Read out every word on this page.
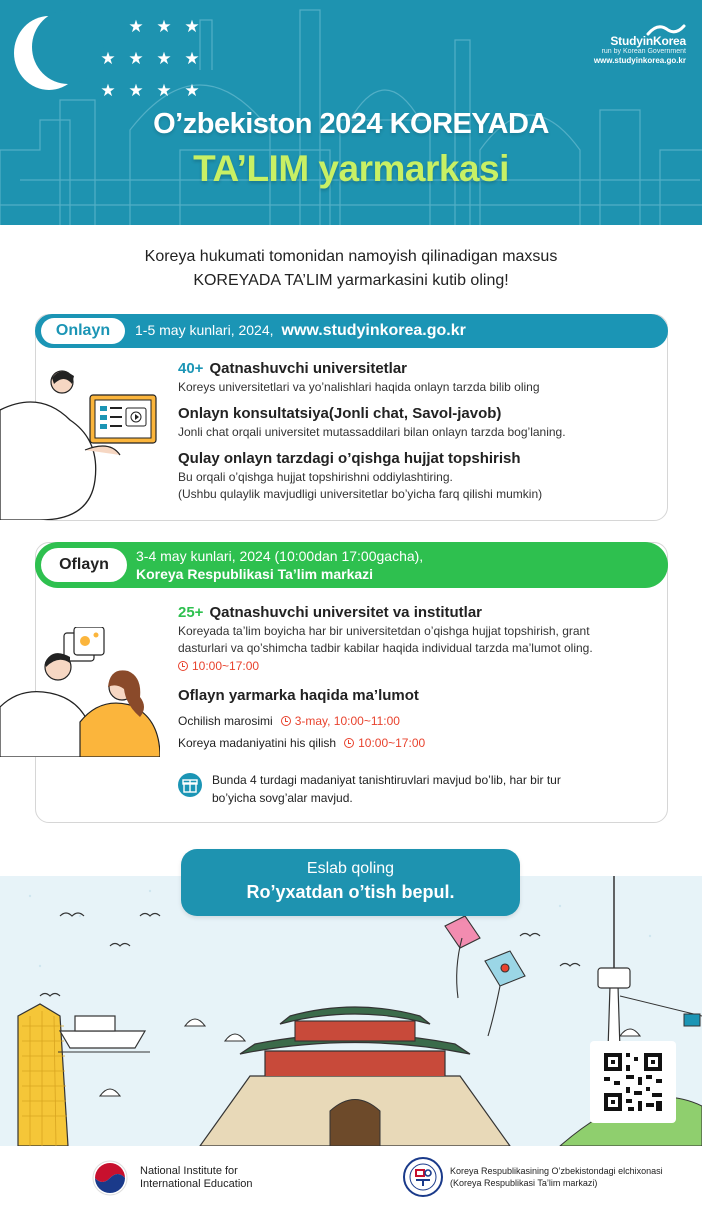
★ ★ ★
★ ★ ★ ★
★ ★ ★ ★
StudyinKorea
run by Korean Government
www.studyinkorea.go.kr
O’zbekiston 2024 KOREYADA
TA’LIM yarmarkasi
Koreya hukumati tomonidan namoyish qilinadigan maxsus
KOREYADA TA’LIM yarmarkasini kutib oling!
Onlayn	1-5 may kunlari, 2024, www.studyinkorea.go.kr
40+ Qatnashuvchi universitetlar
Koreys universitetlari va yo’nalishlari haqida onlayn tarzda bilib oling
Onlayn konsultatsiya(Jonli chat, Savol-javob)
Jonli chat orqali universitet mutassaddilari bilan onlayn tarzda bog’laning.
Qulay onlayn tarzdagi o’qishga hujjat topshirish
Bu orqali o’qishga hujjat topshirishni oddiylashtiring.
(Ushbu qulaylik mavjudligi universitetlar bo’yicha farq qilishi mumkin)
Oflayn	3-4 may kunlari, 2024 (10:00dan 17:00gacha),
Koreya Respublikasi Ta’lim markazi
25+ Qatnashuvchi universitet va institutlar
Koreyada ta’lim boyicha har bir universitetdan o’qishga hujjat topshirish, grant
dasturlari va qo’shimcha tadbir kabilar haqida individual tarzda ma’lumot oling.
10:00~17:00
Oflayn yarmarka haqida ma’lumot
Ochilish marosimi 3-may, 10:00~11:00
Koreya madaniyatini his qilish 10:00~17:00
Bunda 4 turdagi madaniyat tanishtiruvlari mavjud bo’lib, har bir tur
bo’yicha sovg’alar mavjud.
Eslab qoling
Ro’yxatdan o’tish bepul.
National Institute for
International Education
Koreya Respublikasining O’zbekistondagi elchixonasi
(Koreya Respublikasi Ta’lim markazi)
